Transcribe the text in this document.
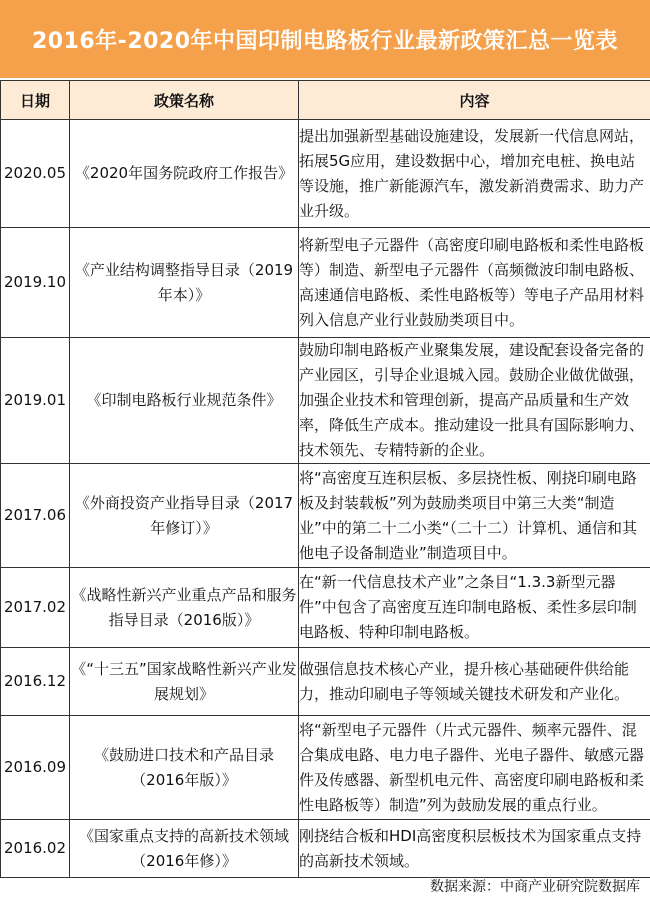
2016年-2020年中国印制电路板行业最新政策汇总一览表
日期	政策名称	内容
2020.05	《2020年国务院政府工作报告》	提出加强新型基础设施建设，发展新一代信息网站，拓展5G应用，建设数据中心，增加充电桩、换电站等设施，推广新能源汽车，激发新消费需求、助力产业升级。

2019.10	《产业结构调整指导目录（2019年本）》	将新型电子元器件（高密度印刷电路板和柔性电路板等）制造、新型电子元器件（高频微波印制电路板、高速通信电路板、柔性电路板等）等电子产品用材料列入信息产业行业鼓励类项目中。

2019.01	《印制电路板行业规范条件》	鼓励印制电路板产业聚集发展，建设配套设备完备的产业园区，引导企业退城入园。鼓励企业做优做强，加强企业技术和管理创新，提高产品质量和生产效率，降低生产成本。推动建设一批具有国际影响力、技术领先、专精特新的企业。

2017.06	《外商投资产业指导目录（2017年修订）》	将“高密度互连积层板、多层挠性板、刚挠印刷电路板及封装载板”列为鼓励类项目中第三大类“制造业”中的第二十二小类“（二十二）计算机、通信和其他电子设备制造业”制造项目中。

2017.02	《战略性新兴产业重点产品和服务指导目录（2016版）》	在“新一代信息技术产业”之条目“1.3.3新型元器件”中包含了高密度互连印制电路板、柔性多层印制电路板、特种印制电路板。

2016.12	《“十三五”国家战略性新兴产业发展规划》	做强信息技术核心产业，提升核心基础硬件供给能力，推动印刷电子等领域关键技术研发和产业化。

2016.09	《鼓励进口技术和产品目录（2016年版）》	将“新型电子元器件（片式元器件、频率元器件、混合集成电路、电力电子器件、光电子器件、敏感元器件及传感器、新型机电元件、高密度印刷电路板和柔性电路板等）制造”列为鼓励发展的重点行业。

2016.02	《国家重点支持的高新技术领域（2016年修）》	刚挠结合板和HDI高密度积层板技术为国家重点支持的高新技术领域。
数据来源：中商产业研究院数据库
